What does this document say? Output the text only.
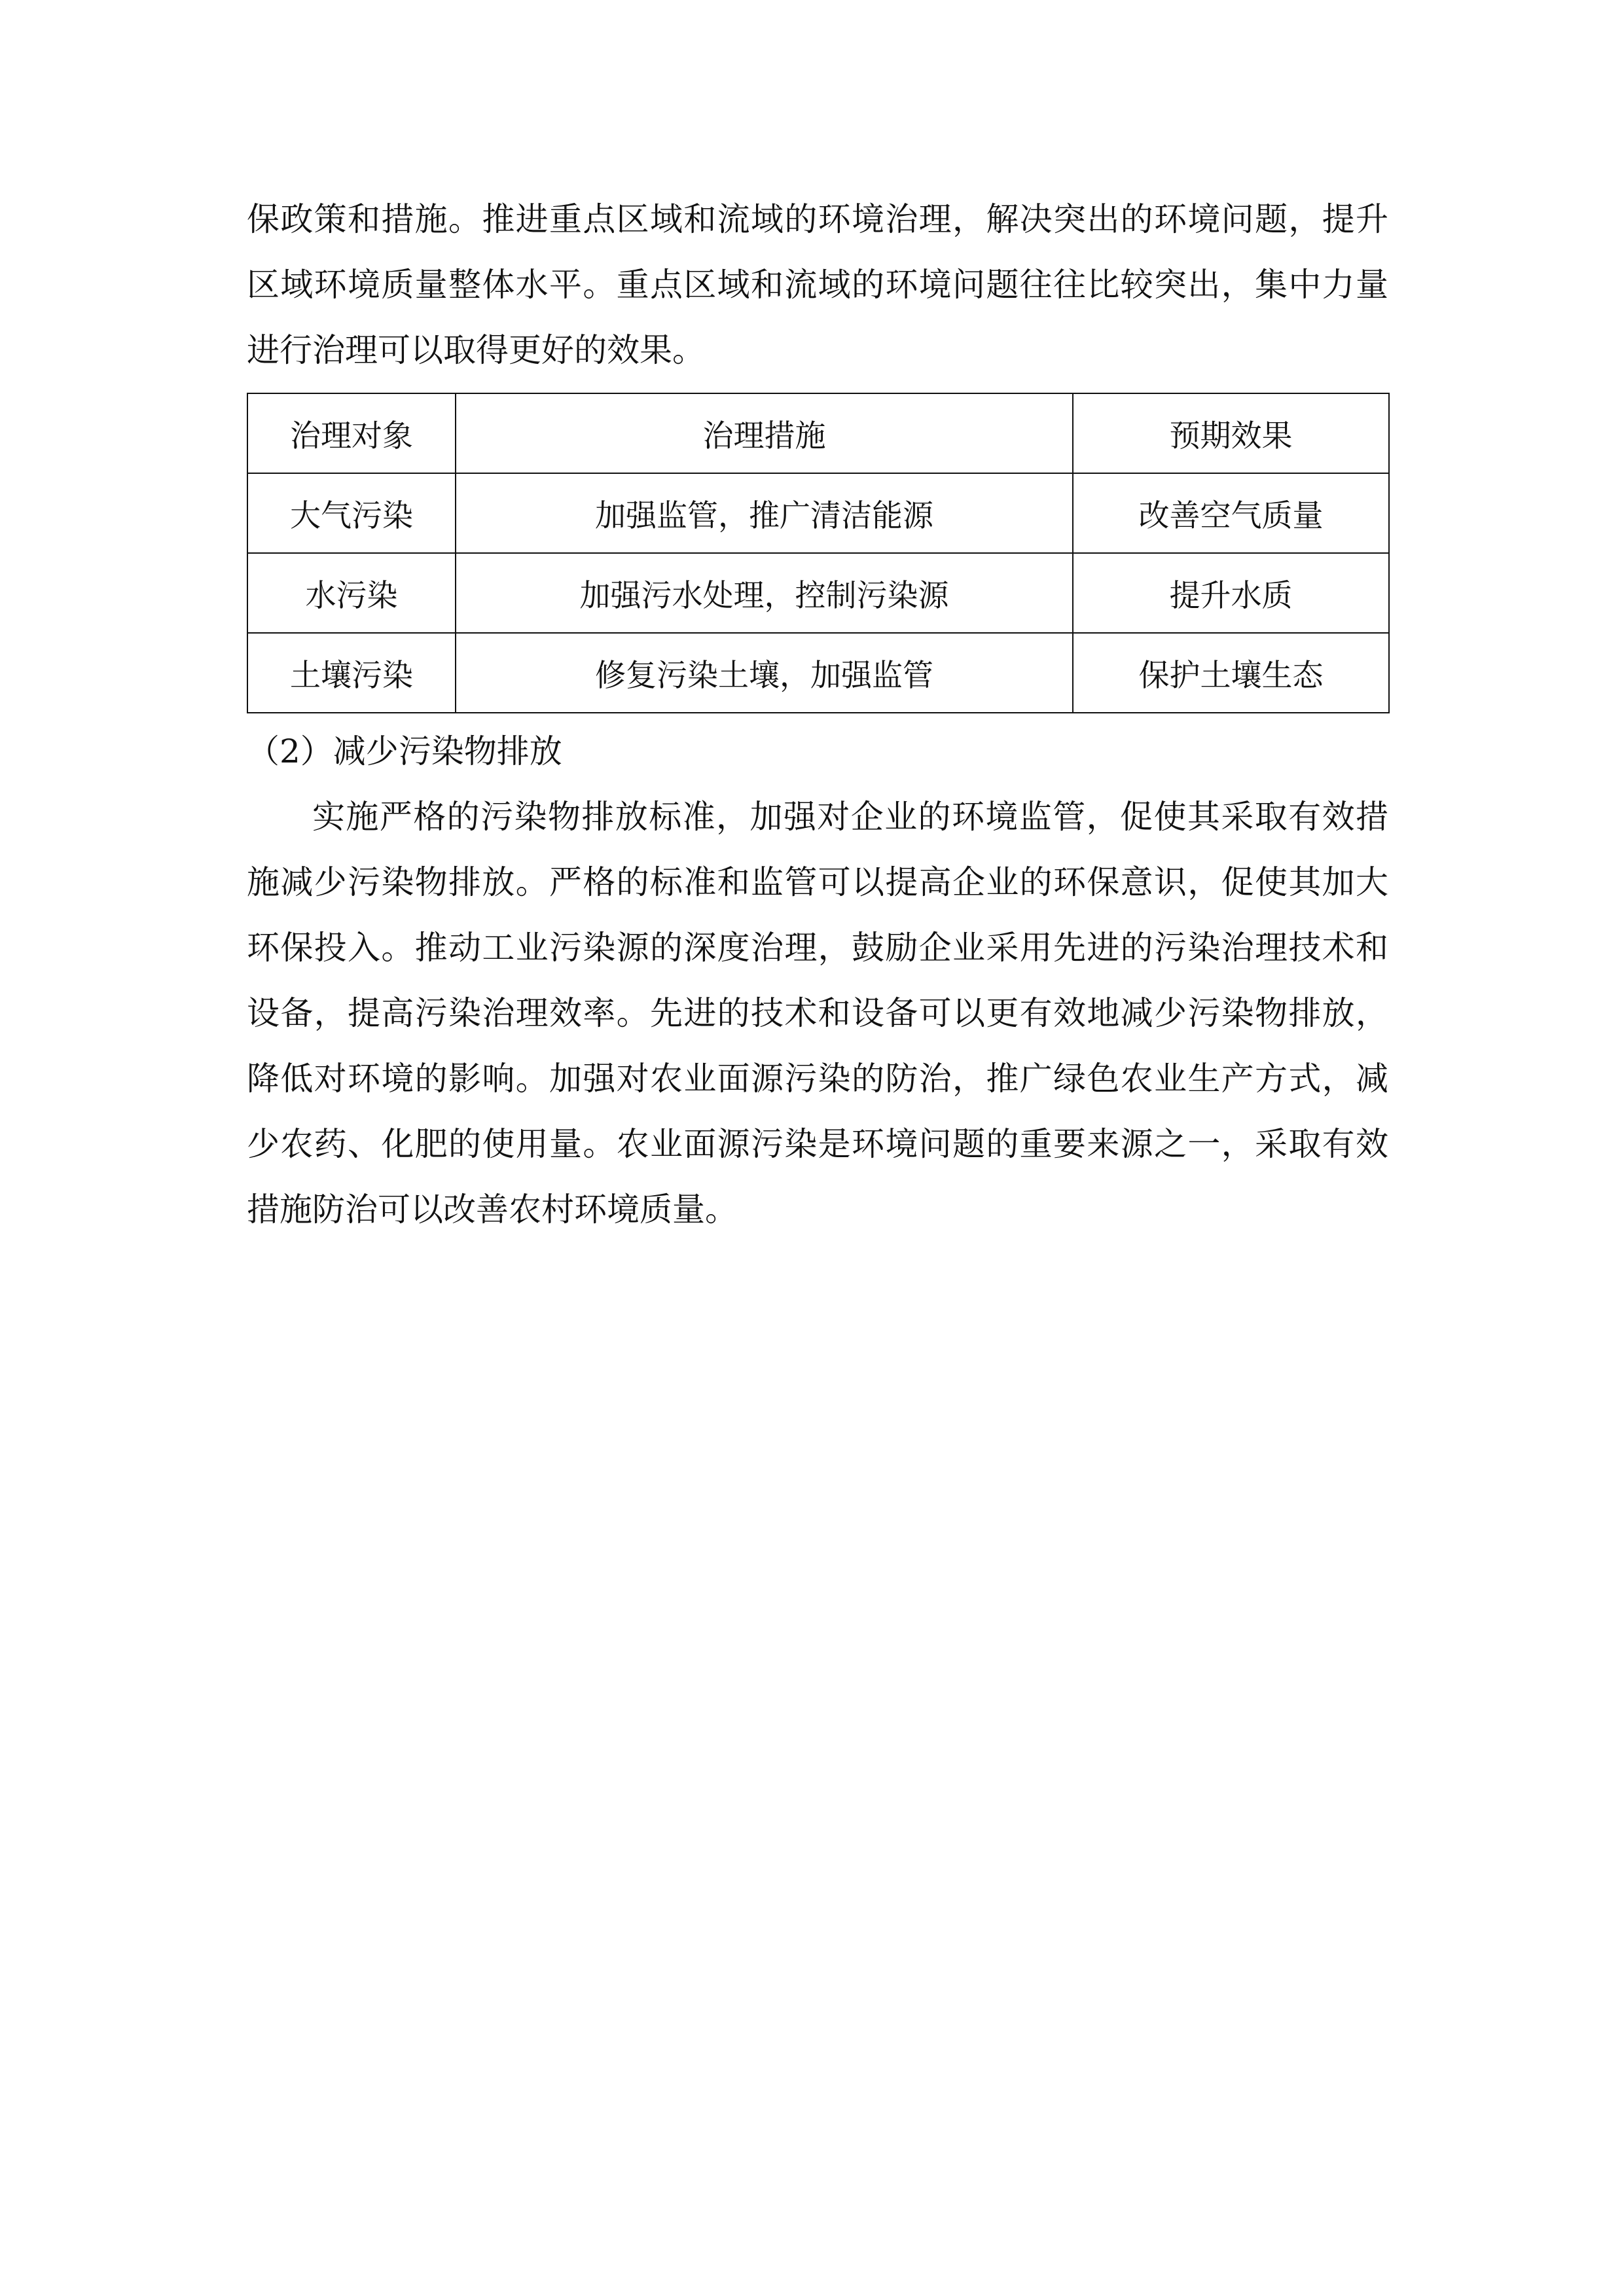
保政策和措施。推进重点区域和流域的环境治理，解决突出的环境问题，提升区域环境质量整体水平。重点区域和流域的环境问题往往比较突出，集中力量进行治理可以取得更好的效果。

治理对象	治理措施	预期效果
大气污染	加强监管，推广清洁能源	改善空气质量
水污染	加强污水处理，控制污染源	提升水质
土壤污染	修复污染土壤，加强监管	保护土壤生态

（2）减少污染物排放

实施严格的污染物排放标准，加强对企业的环境监管，促使其采取有效措施减少污染物排放。严格的标准和监管可以提高企业的环保意识，促使其加大环保投入。推动工业污染源的深度治理，鼓励企业采用先进的污染治理技术和设备，提高污染治理效率。先进的技术和设备可以更有效地减少污染物排放，降低对环境的影响。加强对农业面源污染的防治，推广绿色农业生产方式，减少农药、化肥的使用量。农业面源污染是环境问题的重要来源之一，采取有效措施防治可以改善农村环境质量。
